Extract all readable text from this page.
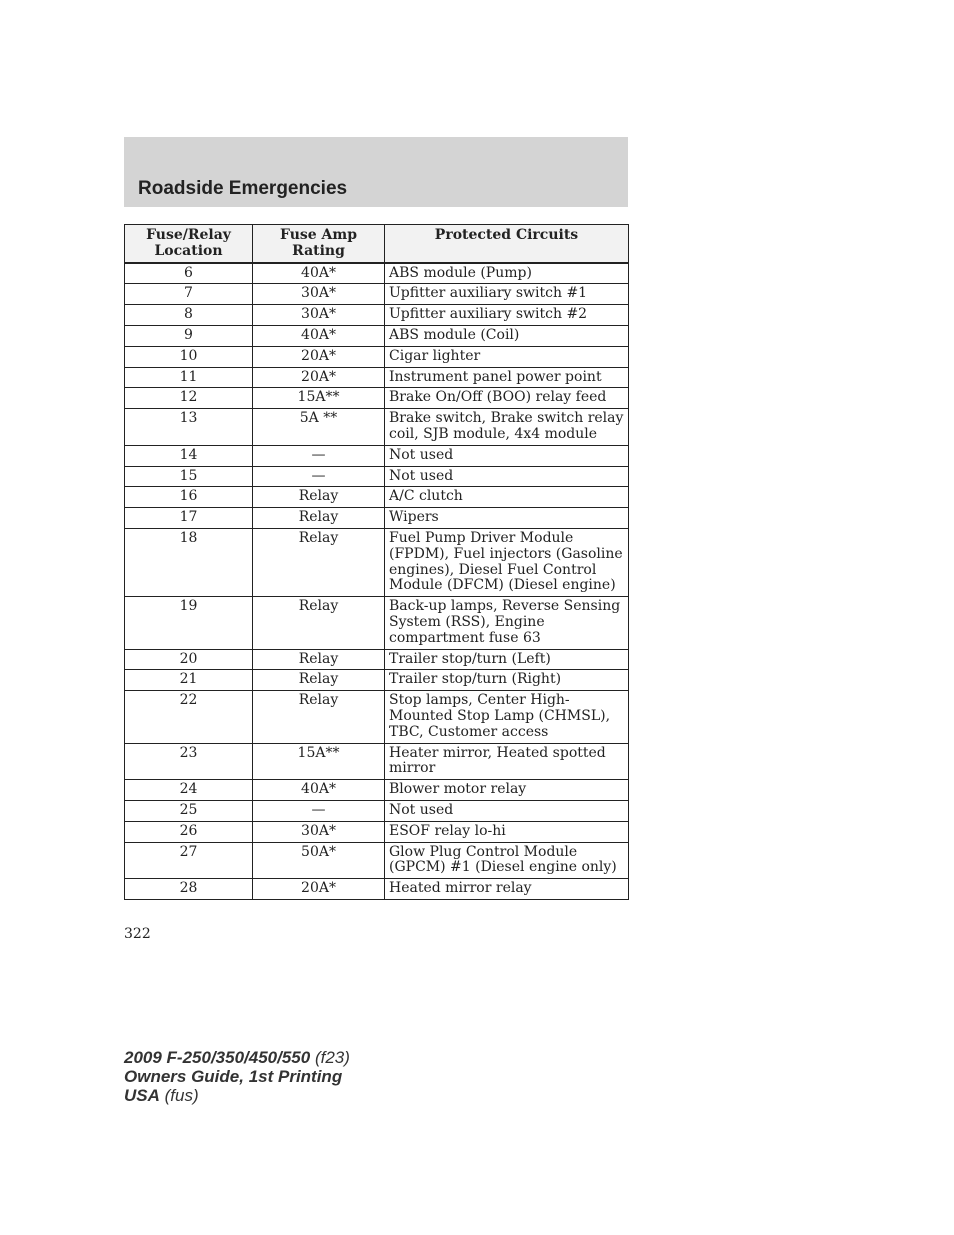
Roadside Emergencies
Fuse/Relay Location	Fuse Amp Rating	Protected Circuits
6	40A*	ABS module (Pump)
7	30A*	Upfitter auxiliary switch #1
8	30A*	Upfitter auxiliary switch #2
9	40A*	ABS module (Coil)
10	20A*	Cigar lighter
11	20A*	Instrument panel power point
12	15A**	Brake On/Off (BOO) relay feed
13	5A **	Brake switch, Brake switch relay coil, SJB module, 4x4 module
14	—	Not used
15	—	Not used
16	Relay	A/C clutch
17	Relay	Wipers
18	Relay	Fuel Pump Driver Module (FPDM), Fuel injectors (Gasoline engines), Diesel Fuel Control Module (DFCM) (Diesel engine)
19	Relay	Back-up lamps, Reverse Sensing System (RSS), Engine compartment fuse 63
20	Relay	Trailer stop/turn (Left)
21	Relay	Trailer stop/turn (Right)
22	Relay	Stop lamps, Center High-Mounted Stop Lamp (CHMSL), TBC, Customer access
23	15A**	Heater mirror, Heated spotted mirror
24	40A*	Blower motor relay
25	—	Not used
26	30A*	ESOF relay lo-hi
27	50A*	Glow Plug Control Module (GPCM) #1 (Diesel engine only)
28	20A*	Heated mirror relay
322
2009 F-250/350/450/550 (f23)
Owners Guide, 1st Printing
USA (fus)
